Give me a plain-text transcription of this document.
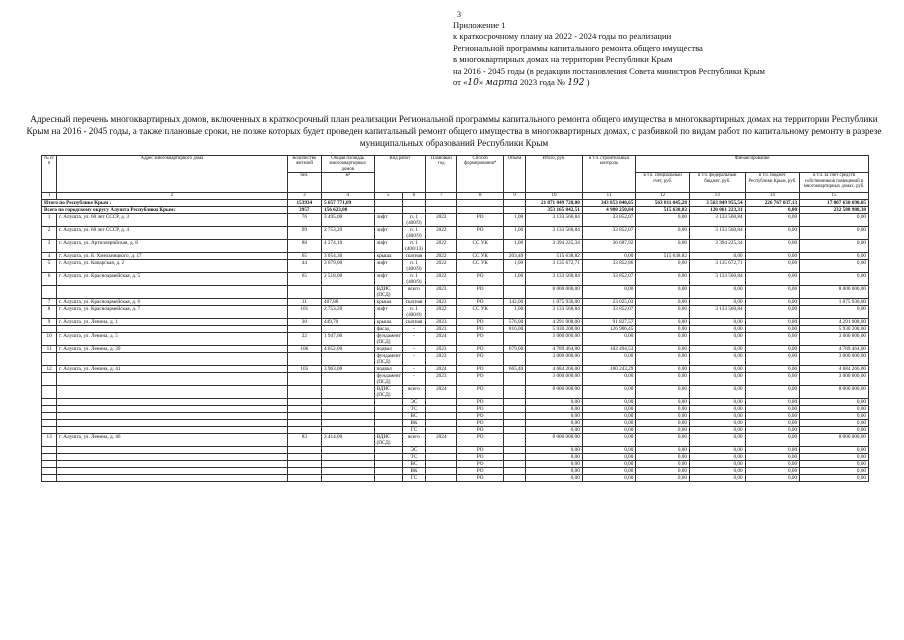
3
Приложение 1
к краткосрочному плану на 2022 - 2024 годы по реализации
Региональной программы капитального ремонта общего имущества
в многоквартирных домах на территории Республики Крым
на 2016 - 2045 годы (в редакции постановления Совета министров Республики Крым
от «10» марта 2023 года № 192 )
Адресный перечень многоквартирных домов, включенных в краткосрочный план реализации Региональной программы капитального ремонта общего имущества в многоквартирных домах на территории Республики Крым на 2016 - 2045 годы, а также плановые сроки, не позже которых будет проведен капитальный ремонт общего имущества в многоквартирных домах, с разбивкой по видам работ по капитальному ремонту в разрезе муниципальных образований Республики Крым
№ п/п	Адрес многоквартирного дома	Количество жителей	Общая площадь многоквартирных домов	Вид работ		Плановый год	Способ формирования*	Объем	Итого, руб.	в т.ч. строительный контроль	Финансирование			
		чел.	м²								в т.ч. специальный счет, руб.	в т.ч. федеральный бюджет, руб.	в т.ч. бюджет Республики Крым, руб.	в т.ч. за счет средств собственников помещений в многоквартирных домах, руб.

1	2	3	4	5	6	7	8	9	10	11	12	13	14	15
Итого по Республике Крым :		153934	5 657 771,09						21 871 049 728,00	343 853 040,65	563 811 045,28	3 563 849 955,54	226 767 037,13	17 007 630 690,05
Всего по городскому округу Алушта Республики Крым:		3957	156 623,08						353 165 842,51	4 980 250,84	515 638,82	120 061 223,31	0,00	232 588 980,38
1	г. Алушта, ул. 60 лет СССР, д. 3	76	3 495,00	лифт	п. 1 (400/9)	2022	РО	1,00	3 133 560,84	33 852,07	0,00	3 133 560,84	0,00	0,00
2	г. Алушта, ул. 60 лет СССР, д. 4	99	2 753,20	лифт	п. 1 (400/9)	2022	РО	1,00	3 133 560,84	33 852,07	0,00	3 133 560,84	0,00	0,00
3	г. Алушта, ул. Артиллерийская, д. 8	88	4 274,10	лифт	п. 1 (400/13)	2022	СС УК	1,00	3 394 225,34	36 687,92	0,00	3 394 225,34	0,00	0,00
4	г. Алушта, ул. Б. Хмельницкого, д. 17	65	3 054,30	крыша	скатная	2022	СС УК	203,40	515 638,82	0,00	515 638,82	0,00	0,00	0,00
5	г. Алушта, ул. Капарская, д. 2	44	3 079,00	лифт	п. 1 (400/9)	2022	СС УК	1,00	3 135 672,71	33 852,86	0,00	3 135 672,71	0,00	0,00
6	г. Алушта, ул. Красноармейская, д. 5	65	2 518,00	лифт	п. 1 (400/9)	2022	РО	1,00	3 133 560,84	33 852,07	0,00	3 133 560,84	0,00	0,00
				ВДИС (ПСД)	всего	2023	РО		8 000 000,00	0,00	0,00	0,00	0,00	8 000 000,00
7	г. Алушта, ул. Красноармейская, д. 6	11	407,88	крыша	скатная	2023	РО	142,00	1 075 936,00	23 025,03	0,00	0,00	0,00	1 075 936,00
8	г. Алушта, ул. Красноармейская, д. 7	101	2 753,20	лифт	п. 1 (400/8)	2022	СС УК	1,00	3 133 560,84	33 852,07	0,00	3 133 560,84	0,00	0,00
9	г. Алушта, ул. Ленина, д. 1	30	449,70	крыша	скатная	2023	РО	576,00	4 291 008,00	91 827,57	0,00	0,00	0,00	4 291 008,00
				фасад	-	2023	РО	816,00	5 930 208,00	126 906,45	0,00	0,00	0,00	5 930 208,00
10	г. Алушта, ул. Ленина, д. 5	22	1 947,00	фундамент (ПСД)	-	2024	РО		3 000 000,00	0,00	0,00	0,00	0,00	3 000 000,00
11	г. Алушта, ул. Ленина, д. 39	106	4 052,00	подвал	-	2023	РО	679,00	4 789 464,00	102 494,53	0,00	0,00	0,00	4 789 464,00
				фундамент (ПСД)	-	2023	РО		3 000 000,00	0,00	0,00	0,00	0,00	3 000 000,00
12	г. Алушта, ул. Ленина, д. 41	105	3 963,00	подвал	-	2024	РО	665,40	4 684 266,00	100 243,29	0,00	0,00	0,00	4 684 266,00
				фундамент (ПСД)	-	2023	РО		3 000 000,00	0,00	0,00	0,00	0,00	3 000 000,00
				ВДИС (ПСД)	всего	2024	РО		8 000 000,00	0,00	0,00	0,00	0,00	8 000 000,00
					ЭС		РО		0,00	0,00	0,00	0,00	0,00	0,00
					ТС		РО		0,00	0,00	0,00	0,00	0,00	0,00
					ВС		РО		0,00	0,00	0,00	0,00	0,00	0,00
					ВК		РО		0,00	0,00	0,00	0,00	0,00	0,00
					ГС		РО		0,00	0,00	0,00	0,00	0,00	0,00
13	г. Алушта, ул. Ленина, д. 46	83	3 414,00	ВДИС (ПСД)	всего	2024	РО		8 000 000,00	0,00	0,00	0,00	0,00	8 000 000,00
					ЭС		РО		0,00	0,00	0,00	0,00	0,00	0,00
					ТС		РО		0,00	0,00	0,00	0,00	0,00	0,00
					ВС		РО		0,00	0,00	0,00	0,00	0,00	0,00
					ВК		РО		0,00	0,00	0,00	0,00	0,00	0,00
					ГС		РО		0,00	0,00	0,00	0,00	0,00	0,00
